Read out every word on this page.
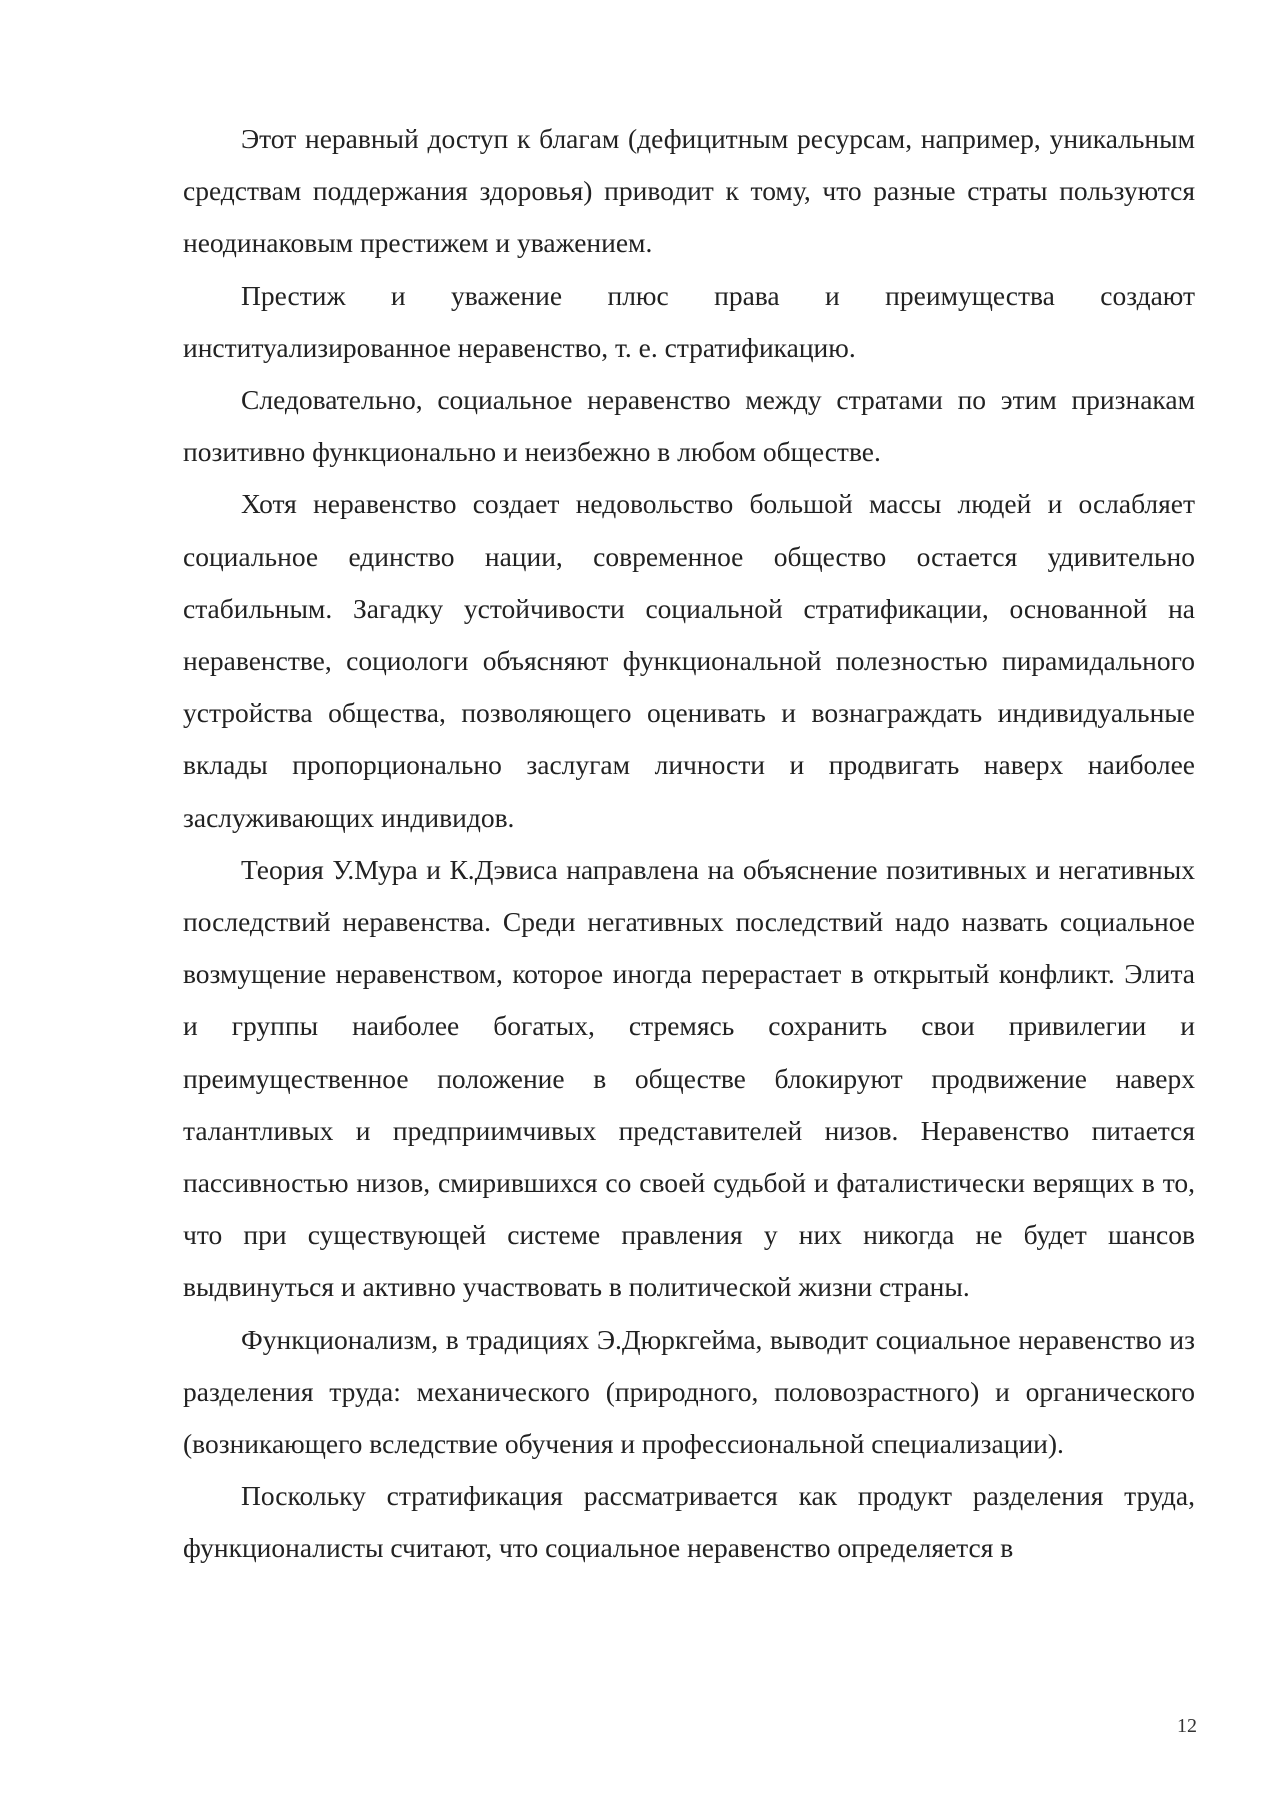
Этот неравный доступ к благам (дефицитным ресурсам, например, уникальным средствам поддержания здоровья) приводит к тому, что разные страты пользуются неодинаковым престижем и уважением.

Престиж и уважение плюс права и преимущества создают институализированное неравенство, т. е. стратификацию.

Следовательно, социальное неравенство между стратами по этим признакам позитивно функционально и неизбежно в любом обществе.

Хотя неравенство создает недовольство большой массы людей и ослабляет социальное единство нации, современное общество остается удивительно стабильным. Загадку устойчивости социальной стратификации, основанной на неравенстве, социологи объясняют функциональной полезностью пирамидального устройства общества, позволяющего оценивать и вознаграждать индивидуальные вклады пропорционально заслугам личности и продвигать наверх наиболее заслуживающих индивидов.

Теория У.Мура и К.Дэвиса направлена на объяснение позитивных и негативных последствий неравенства. Среди негативных последствий надо назвать социальное возмущение неравенством, которое иногда перерастает в открытый конфликт. Элита и группы наиболее богатых, стремясь сохранить свои привилегии и преимущественное положение в обществе блокируют продвижение наверх талантливых и предприимчивых представителей низов. Неравенство питается пассивностью низов, смирившихся со своей судьбой и фаталистически верящих в то, что при существующей системе правления у них никогда не будет шансов выдвинуться и активно участвовать в политической жизни страны.

Функционализм, в традициях Э.Дюркгейма, выводит социальное неравенство из разделения труда: механического (природного, половозрастного) и органического (возникающего вследствие обучения и профессиональной специализации).

Поскольку стратификация рассматривается как продукт разделения труда, функционалисты считают, что социальное неравенство определяется в

12
